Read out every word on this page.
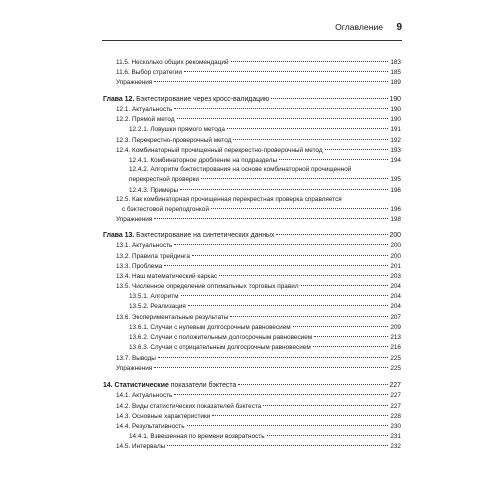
Оглавление 9
11.5. Несколько общих рекомендаций	183
11.6. Выбор стратегии	185
Упражнения	189
Глава 12. Бэктестирование через кросс-валидацию	190
12.1. Актуальность	190
12.2. Прямой метод	190
12.2.1. Ловушки прямого метода	191
12.3. Перекрестно-проверочный метод	192
12.4. Комбинаторный прочищенный перекрестно-проверочный метод	193
12.4.1. Комбинаторное дробление на подразделы	194
12.4.2. Алгоритм бэктестирования на основе комбинаторной прочищенной
перекрестной проверки	195
12.4.3. Примеры	196
12.5. Как комбинаторная прочищенная перекрестная проверка справляется
с бэктестовой переподгонкой	196
Упражнения	198
Глава 13. Бэктестирование на синтетических данных	200
13.1. Актуальность	200
13.2. Правила трейдинга	200
13.3. Проблема	201
13.4. Наш математический каркас	203
13.5. Численное определение оптимальных торговых правил	204
13.5.1. Алгоритм	204
13.5.2. Реализация	204
13.6. Экспериментальные результаты	207
13.6.1. Случаи с нулевым долгосрочным равновесием	209
13.6.2. Случаи с положительным долгосрочным равновесием	213
13.6.3. Случаи с отрицательным долгосрочным равновесием	216
13.7. Выводы	225
Упражнения	225
14. Статистические показатели бэктеста	227
14.1. Актуальность	227
14.2. Виды статистических показателей бэктеста	227
14.3. Основные характеристики	228
14.4. Результативность	230
14.4.1. Взвешенная по времени возвратность	231
14.5. Интервалы	232
